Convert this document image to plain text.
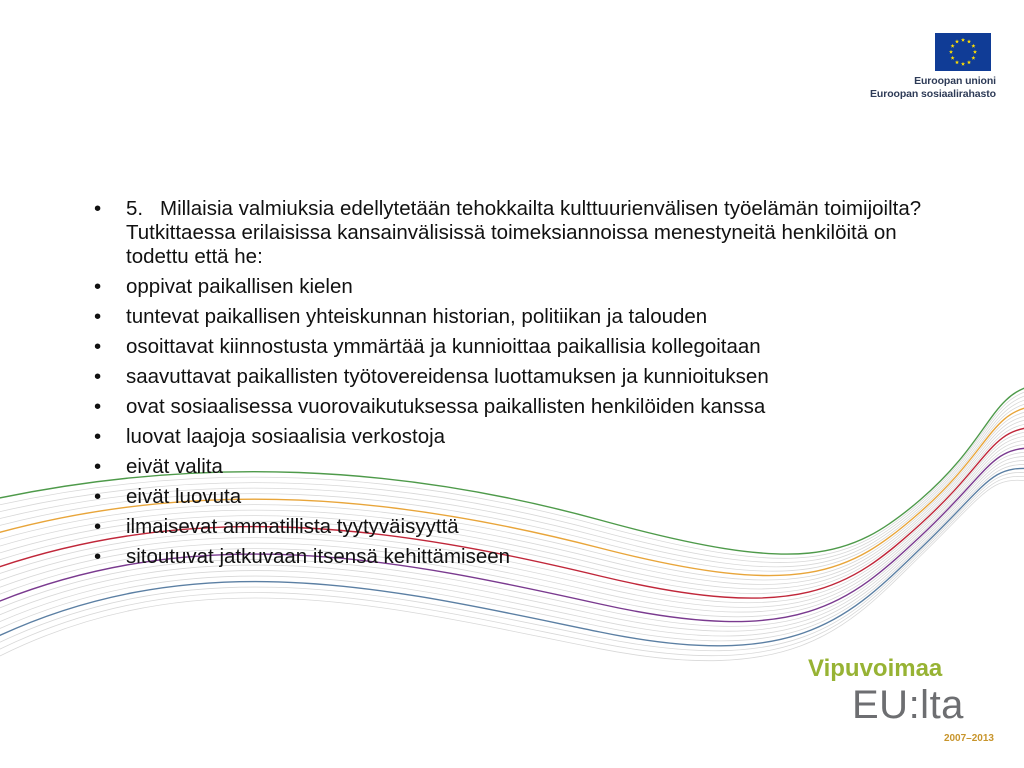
Euroopan unioni
Euroopan sosiaalirahasto
• 5. Millaisia valmiuksia edellytetään tehokkailta kulttuurienvälisen työelämän toimijoilta? Tutkittaessa erilaisissa kansainvälisissä toimeksiannoissa menestyneitä henkilöitä on todettu että he:
• oppivat paikallisen kielen
• tuntevat paikallisen yhteiskunnan historian, politiikan ja talouden
• osoittavat kiinnostusta ymmärtää ja kunnioittaa paikallisia kollegoitaan
• saavuttavat paikallisten työtovereidensa luottamuksen ja kunnioituksen
• ovat sosiaalisessa vuorovaikutuksessa paikallisten henkilöiden kanssa
• luovat laajoja sosiaalisia verkostoja
• eivät valita
• eivät luovuta
• ilmaisevat ammatillista tyytyväisyyttä
• sitoutuvat jatkuvaan itsensä kehittämiseen
Vipuvoimaa
EU:lta
2007–2013
